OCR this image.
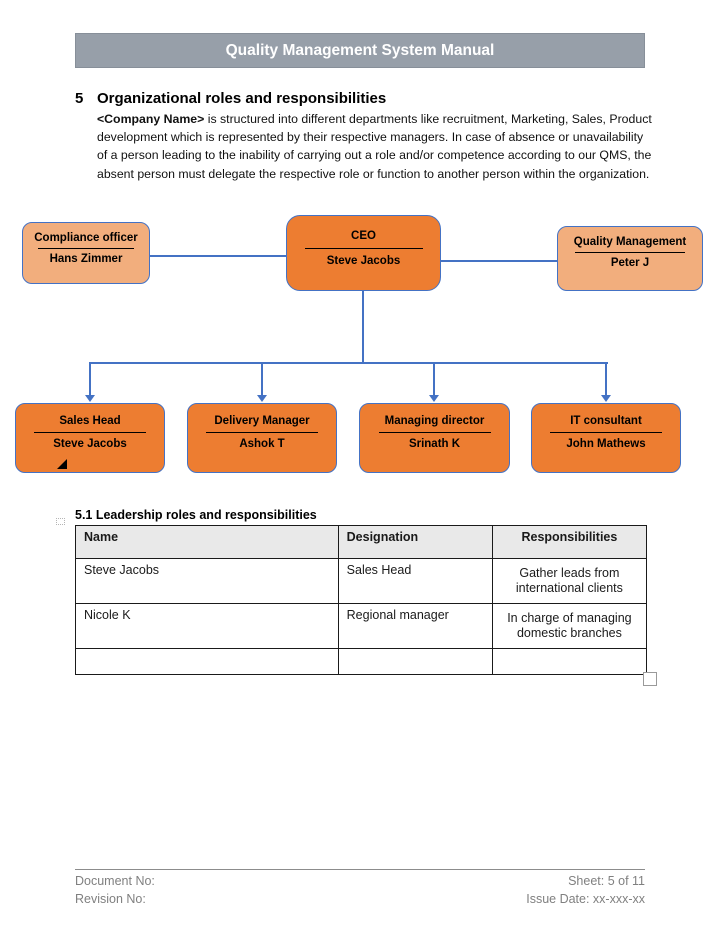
Quality Management System Manual
5 Organizational roles and responsibilities

<Company Name> is structured into different departments like recruitment, Marketing, Sales, Product development which is represented by their respective managers. In case of absence or unavailability of a person leading to the inability of carrying out a role and/or competence according to our QMS, the absent person must delegate the respective role or function to another person within the organization.

Compliance officer
Hans Zimmer
CEO
Steve Jacobs
Quality Management
Peter J
Sales Head
Steve Jacobs
Delivery Manager
Ashok T
Managing director
Srinath K
IT consultant
John Mathews
5.1 Leadership roles and responsibilities
Name	Designation	Responsibilities
Steve Jacobs	Sales Head	Gather leads from international clients
Nicole K	Regional manager	In charge of managing domestic branches

Document No:
Revision No:
Sheet: 5 of 11
Issue Date: xx-xxx-xx
